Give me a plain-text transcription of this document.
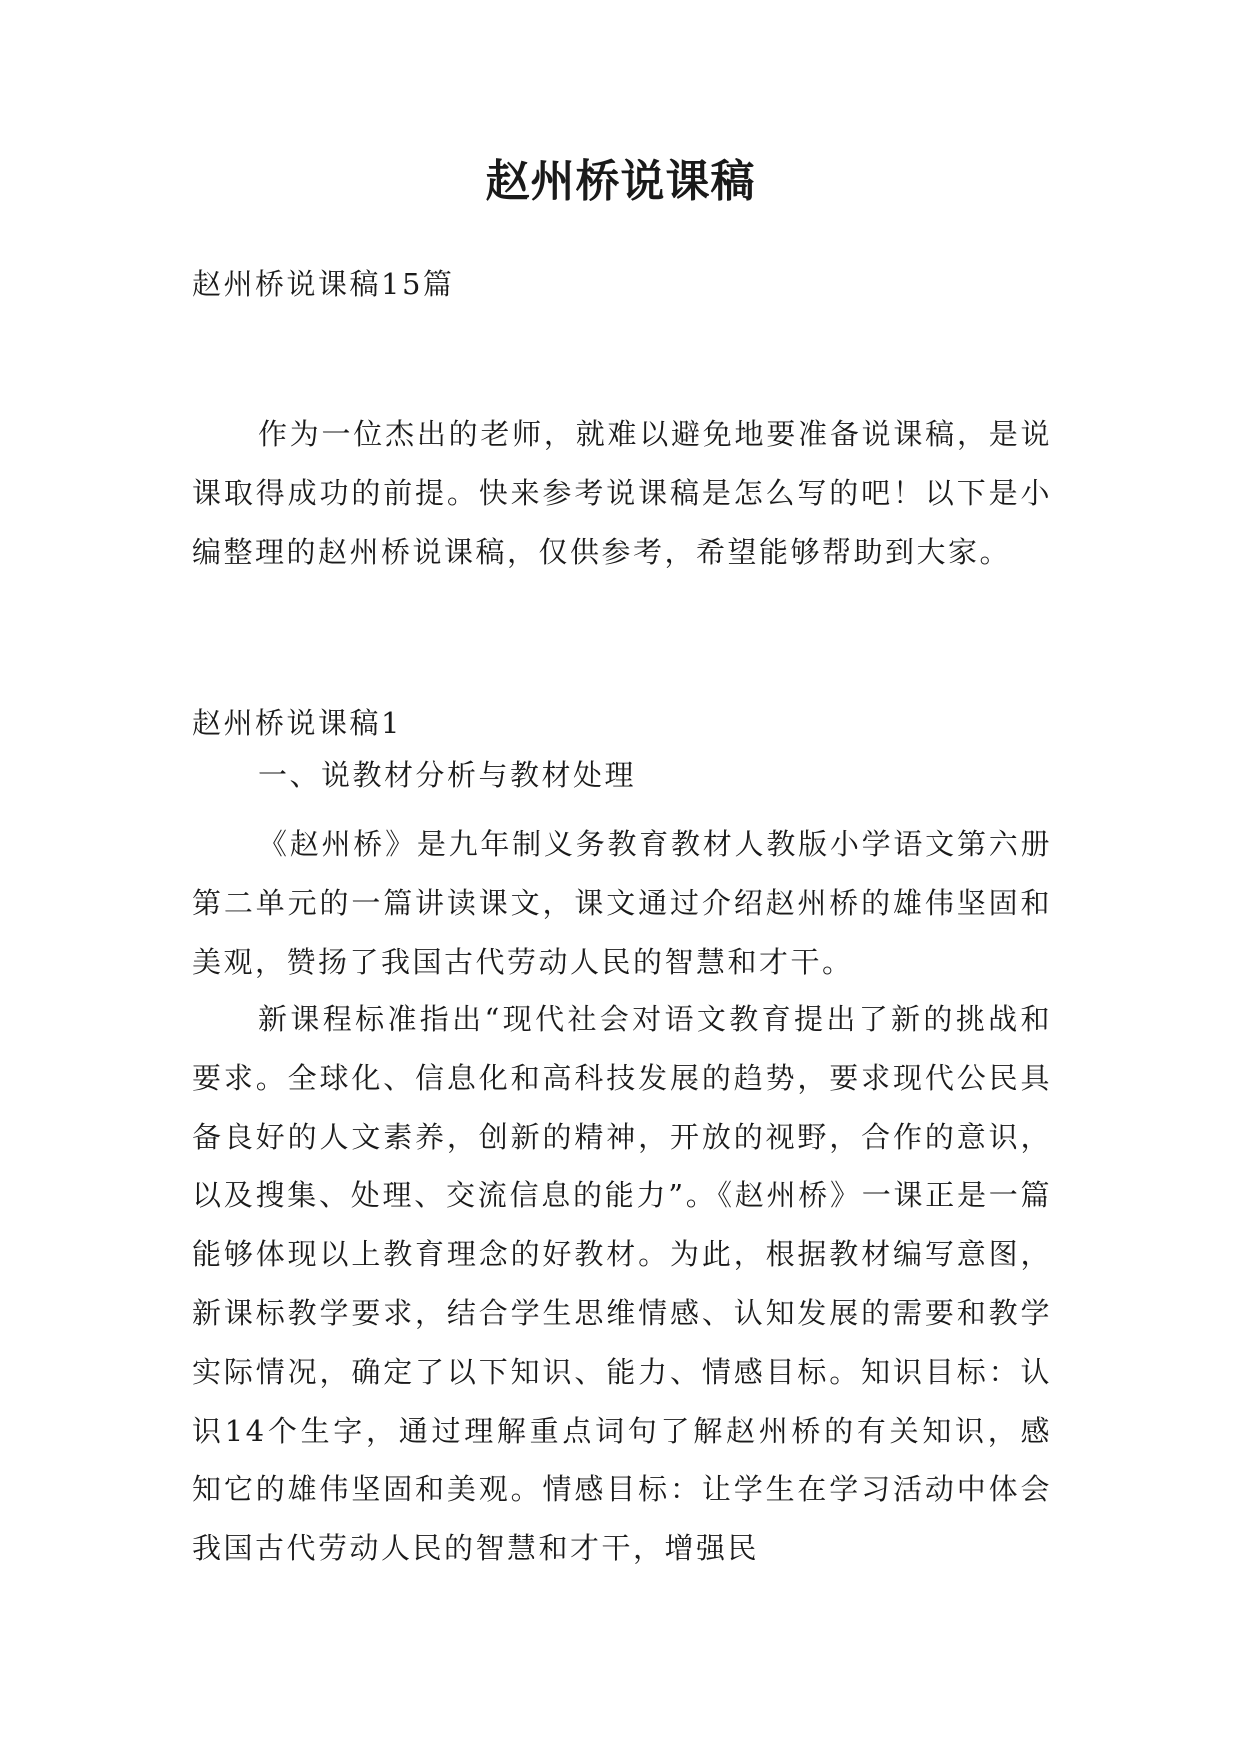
赵州桥说课稿

赵州桥说课稿15篇

作为一位杰出的老师，就难以避免地要准备说课稿，是说课取得成功的前提。快来参考说课稿是怎么写的吧！以下是小编整理的赵州桥说课稿，仅供参考，希望能够帮助到大家。

赵州桥说课稿1

一、说教材分析与教材处理

《赵州桥》是九年制义务教育教材人教版小学语文第六册第二单元的一篇讲读课文，课文通过介绍赵州桥的雄伟坚固和美观，赞扬了我国古代劳动人民的智慧和才干。

新课程标准指出“现代社会对语文教育提出了新的挑战和要求。全球化、信息化和高科技发展的趋势，要求现代公民具备良好的人文素养，创新的精神，开放的视野，合作的意识，以及搜集、处理、交流信息的能力”。《赵州桥》一课正是一篇能够体现以上教育理念的好教材。为此，根据教材编写意图，新课标教学要求，结合学生思维情感、认知发展的需要和教学实际情况，确定了以下知识、能力、情感目标。知识目标：认识14个生字，通过理解重点词句了解赵州桥的有关知识，感知它的雄伟坚固和美观。情感目标：让学生在学习活动中体会我国古代劳动人民的智慧和才干，增强民
